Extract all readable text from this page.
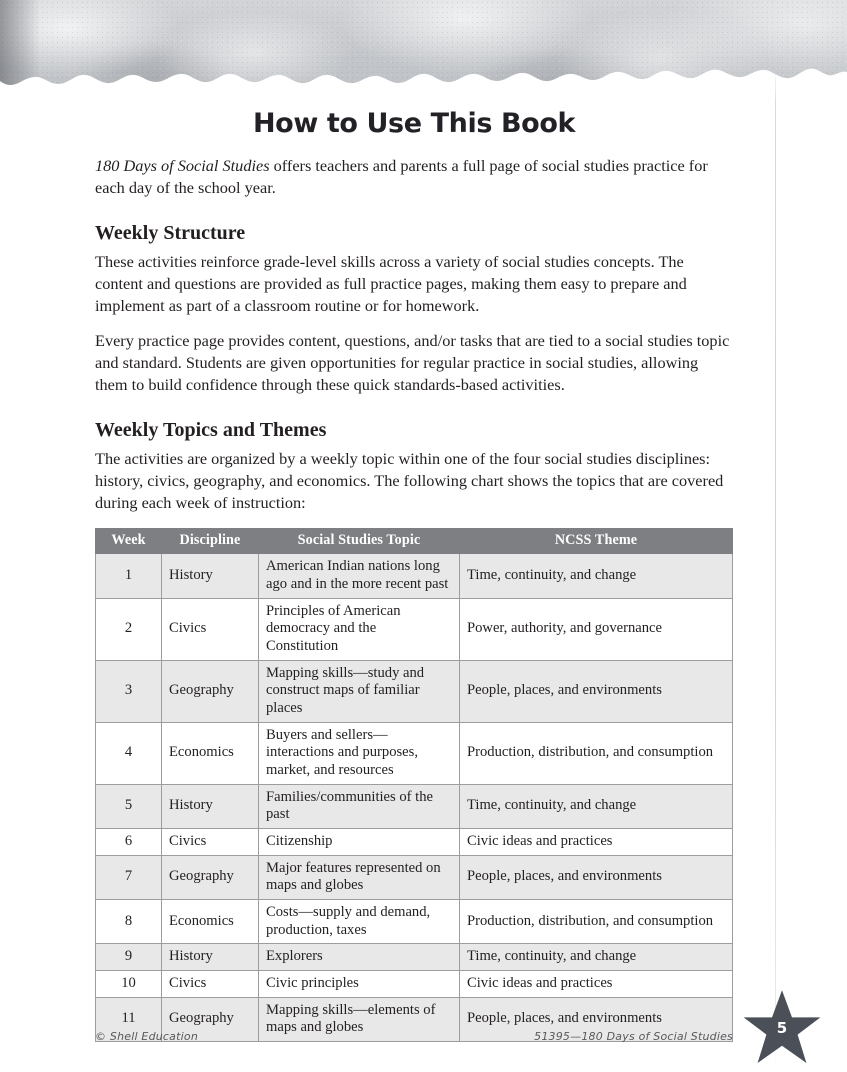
How to Use This Book

180 Days of Social Studies offers teachers and parents a full page of social studies practice for each day of the school year.

Weekly Structure

These activities reinforce grade-level skills across a variety of social studies concepts. The content and questions are provided as full practice pages, making them easy to prepare and implement as part of a classroom routine or for homework.

Every practice page provides content, questions, and/or tasks that are tied to a social studies topic and standard. Students are given opportunities for regular practice in social studies, allowing them to build confidence through these quick standards-based activities.

Weekly Topics and Themes

The activities are organized by a weekly topic within one of the four social studies disciplines: history, civics, geography, and economics. The following chart shows the topics that are covered during each week of instruction:

Week	Discipline	Social Studies Topic	NCSS Theme
1	History	American Indian nations long ago and in the more recent past	Time, continuity, and change
2	Civics	Principles of American democracy and the Constitution	Power, authority, and governance
3	Geography	Mapping skills—study and construct maps of familiar places	People, places, and environments
4	Economics	Buyers and sellers—interactions and purposes, market, and resources	Production, distribution, and consumption
5	History	Families/communities of the past	Time, continuity, and change
6	Civics	Citizenship	Civic ideas and practices
7	Geography	Major features represented on maps and globes	People, places, and environments
8	Economics	Costs—supply and demand, production, taxes	Production, distribution, and consumption
9	History	Explorers	Time, continuity, and change
10	Civics	Civic principles	Civic ideas and practices
11	Geography	Mapping skills—elements of maps and globes	People, places, and environments
© Shell Education	51395—180 Days of Social Studies	5
